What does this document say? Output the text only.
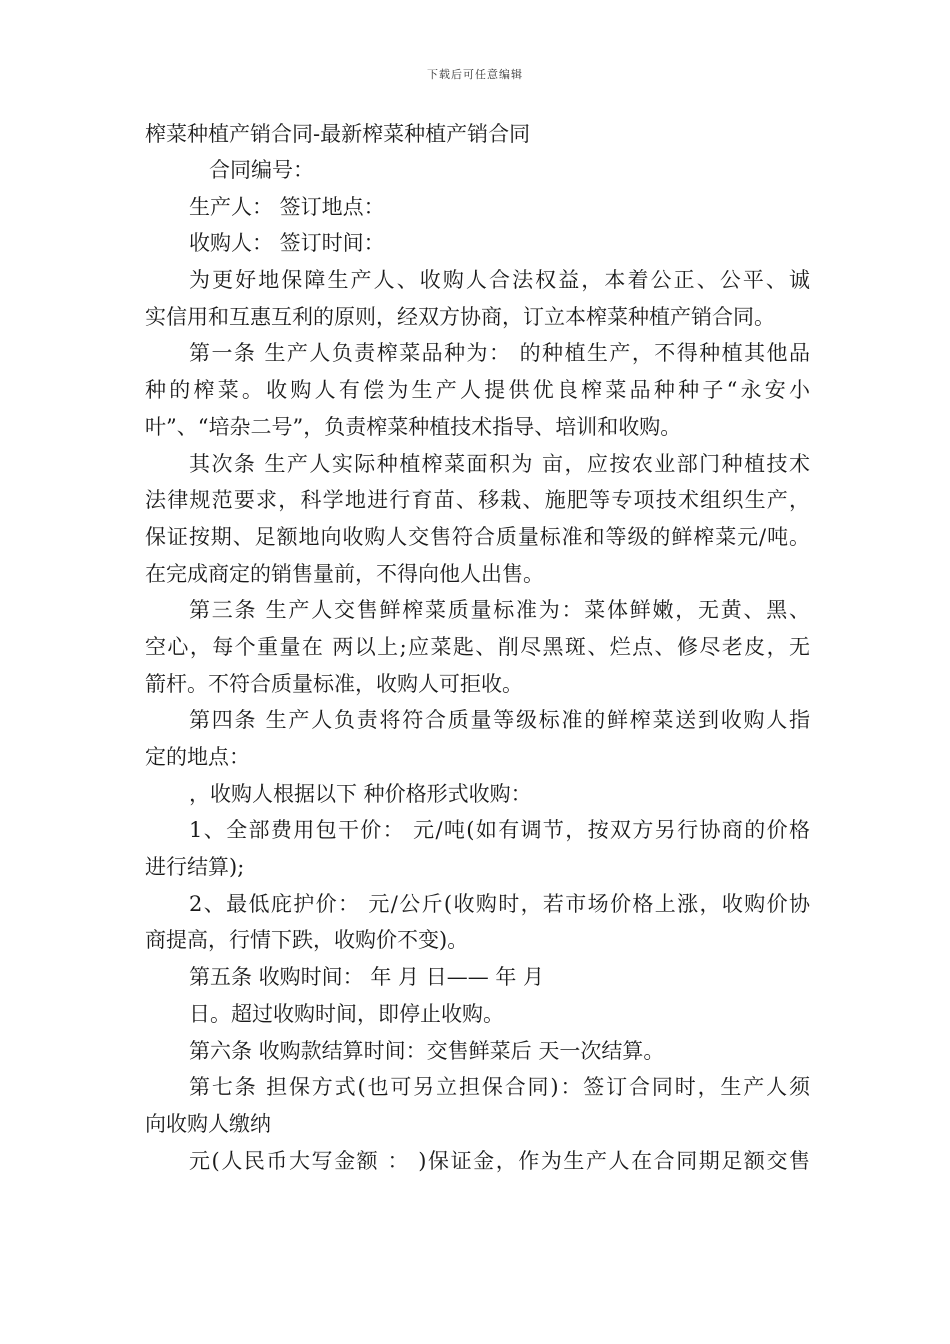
下载后可任意编辑
榨菜种植产销合同-最新榨菜种植产销合同
合同编号：
生产人： 签订地点：
收购人： 签订时间：
为更好地保障生产人、收购人合法权益，本着公正、公平、诚
实信用和互惠互利的原则，经双方协商，订立本榨菜种植产销合同。
第一条 生产人负责榨菜品种为： 的种植生产，不得种植其他品
种的榨菜。收购人有偿为生产人提供优良榨菜品种种子“永安小
叶”、“培杂二号”，负责榨菜种植技术指导、培训和收购。
其次条 生产人实际种植榨菜面积为 亩，应按农业部门种植技术
法律规范要求，科学地进行育苗、移栽、施肥等专项技术组织生产，
保证按期、足额地向收购人交售符合质量标准和等级的鲜榨菜元/吨。
在完成商定的销售量前，不得向他人出售。
第三条 生产人交售鲜榨菜质量标准为：菜体鲜嫩，无黄、黑、
空心，每个重量在 两以上;应菜匙、削尽黑斑、烂点、修尽老皮，无
箭杆。不符合质量标准，收购人可拒收。
第四条 生产人负责将符合质量等级标准的鲜榨菜送到收购人指
定的地点：
，收购人根据以下 种价格形式收购：
1、全部费用包干价： 元/吨(如有调节，按双方另行协商的价格
进行结算);
2、最低庇护价： 元/公斤(收购时，若市场价格上涨，收购价协
商提高，行情下跌，收购价不变)。
第五条 收购时间： 年 月 日—— 年 月
日。超过收购时间，即停止收购。
第六条 收购款结算时间：交售鲜菜后 天一次结算。
第七条 担保方式(也可另立担保合同)：签订合同时，生产人须
向收购人缴纳
元(人民币大写金额 ： )保证金，作为生产人在合同期足额交售
